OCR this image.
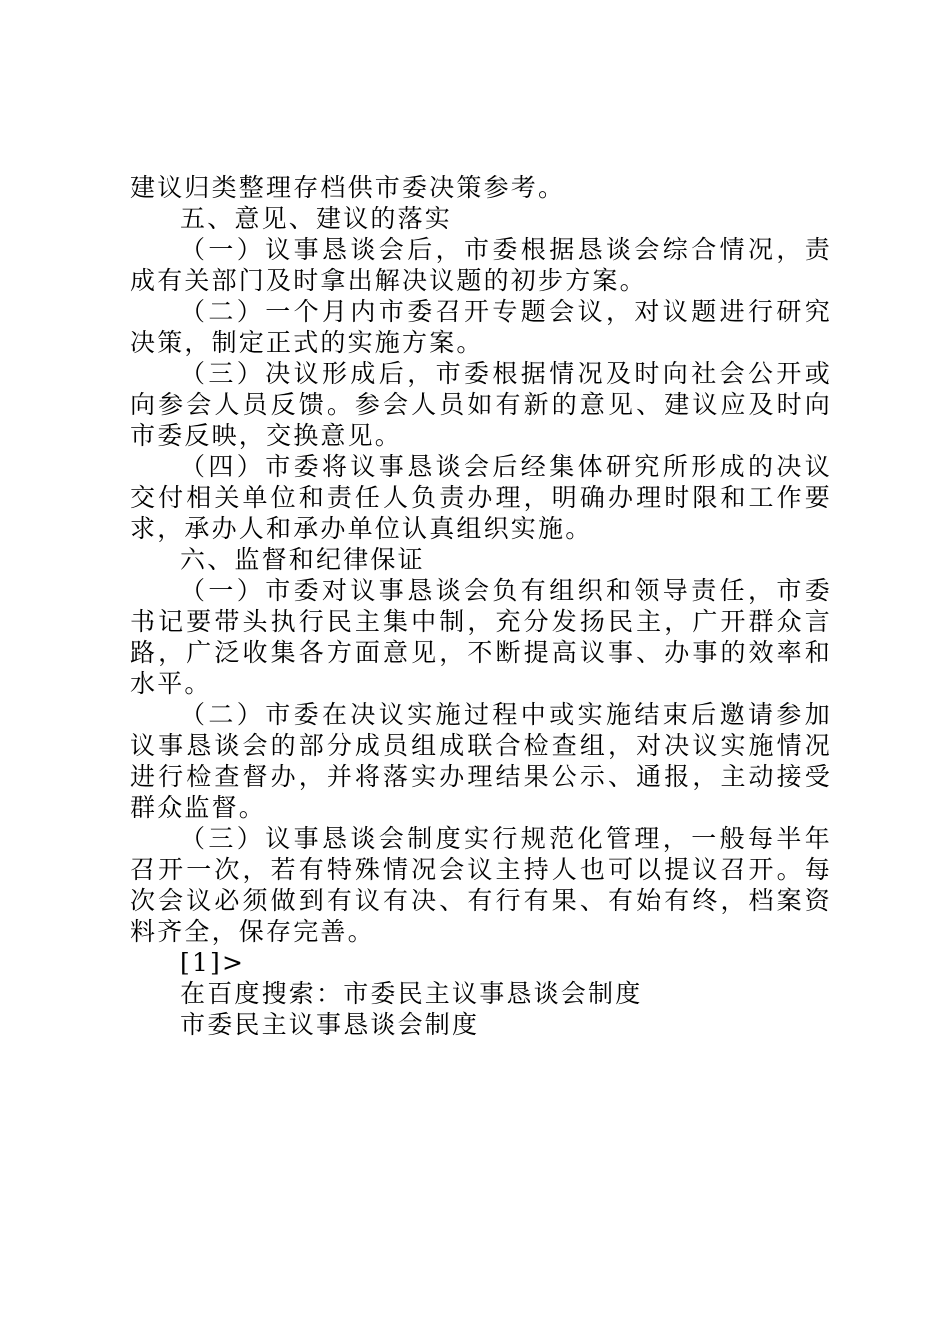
建议归类整理存档供市委决策参考。

五、意见、建议的落实

（一）议事恳谈会后，市委根据恳谈会综合情况，责成有关部门及时拿出解决议题的初步方案。

（二）一个月内市委召开专题会议，对议题进行研究决策，制定正式的实施方案。

（三）决议形成后，市委根据情况及时向社会公开或向参会人员反馈。参会人员如有新的意见、建议应及时向市委反映，交换意见。

（四）市委将议事恳谈会后经集体研究所形成的决议交付相关单位和责任人负责办理，明确办理时限和工作要求，承办人和承办单位认真组织实施。

六、监督和纪律保证

（一）市委对议事恳谈会负有组织和领导责任，市委书记要带头执行民主集中制，充分发扬民主，广开群众言路，广泛收集各方面意见，不断提高议事、办事的效率和水平。

（二）市委在决议实施过程中或实施结束后邀请参加议事恳谈会的部分成员组成联合检查组，对决议实施情况进行检查督办，并将落实办理结果公示、通报，主动接受群众监督。

（三）议事恳谈会制度实行规范化管理，一般每半年召开一次，若有特殊情况会议主持人也可以提议召开。每次会议必须做到有议有决、有行有果、有始有终，档案资料齐全，保存完善。

[1]>

在百度搜索：市委民主议事恳谈会制度

市委民主议事恳谈会制度
